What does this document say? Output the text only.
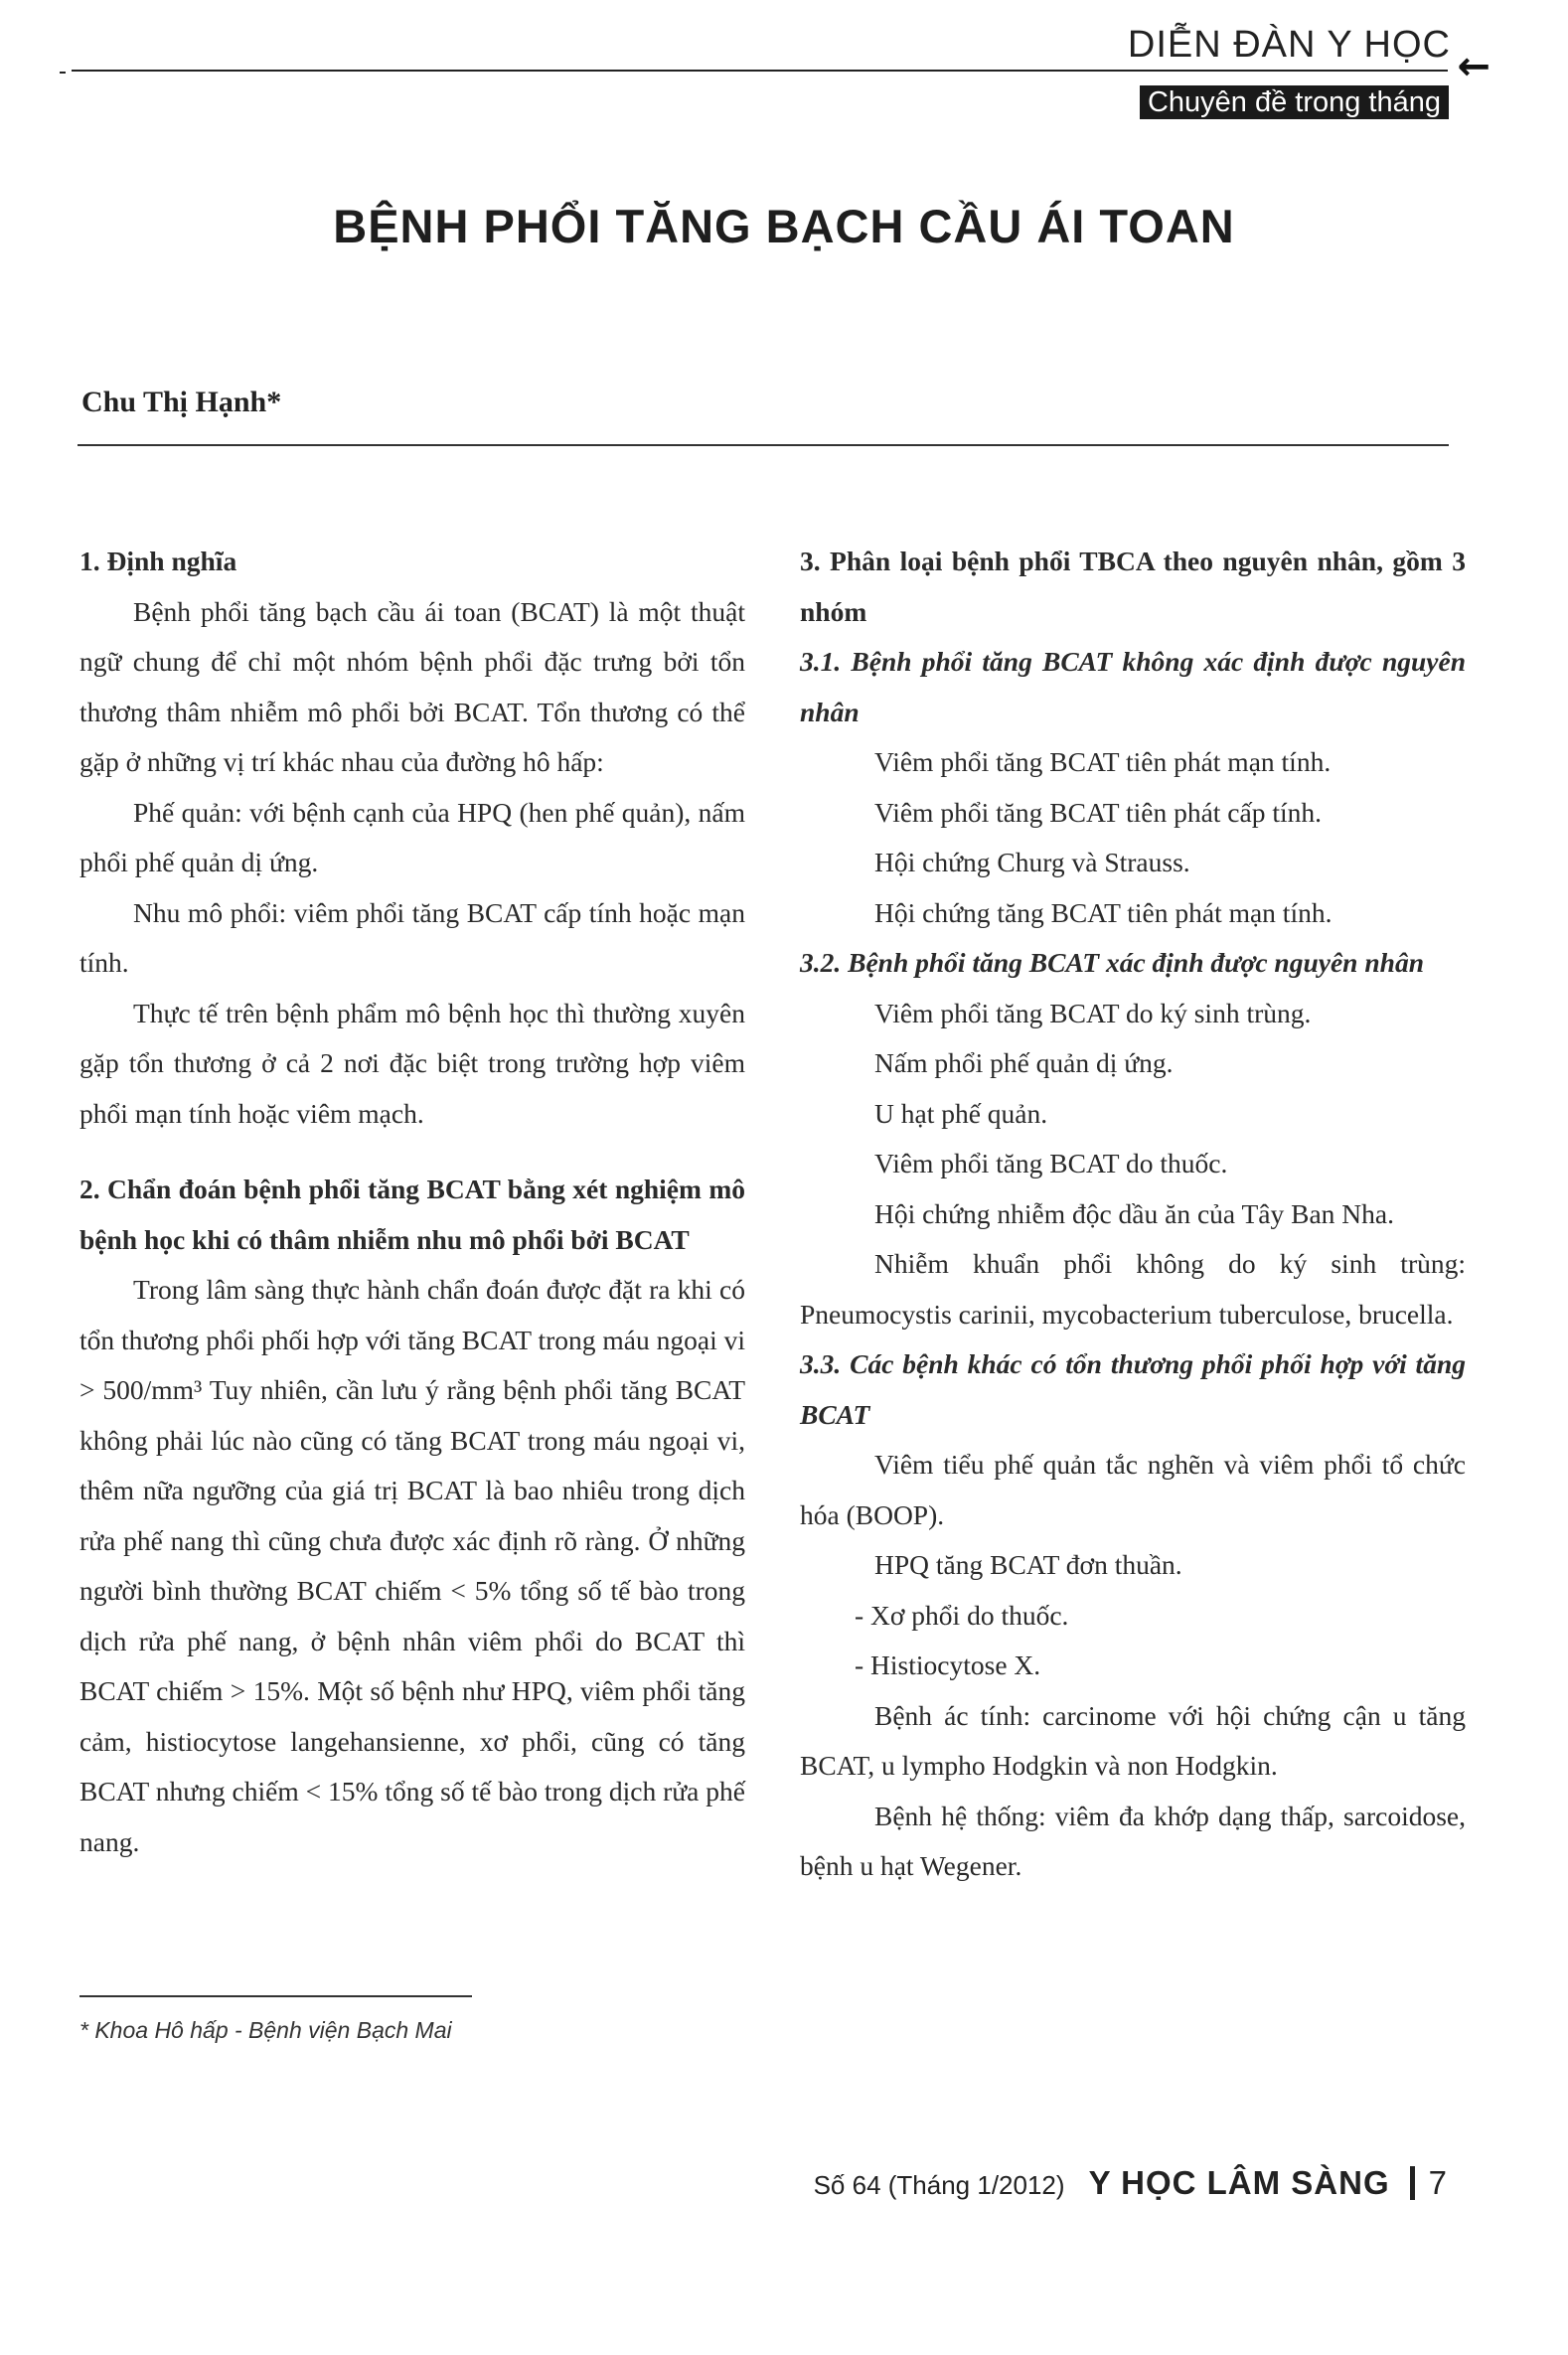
DIỄN ĐÀN Y HỌC ←
Chuyên đề trong tháng
BỆNH PHỔI TĂNG BẠCH CẦU ÁI TOAN
Chu Thị Hạnh*

1. Định nghĩa

Bệnh phổi tăng bạch cầu ái toan (BCAT) là một thuật ngữ chung để chỉ một nhóm bệnh phổi đặc trưng bởi tổn thương thâm nhiễm mô phổi bởi BCAT. Tổn thương có thể gặp ở những vị trí khác nhau của đường hô hấp:

Phế quản: với bệnh cạnh của HPQ (hen phế quản), nấm phổi phế quản dị ứng.

Nhu mô phổi: viêm phổi tăng BCAT cấp tính hoặc mạn tính.

Thực tế trên bệnh phẩm mô bệnh học thì thường xuyên gặp tổn thương ở cả 2 nơi đặc biệt trong trường hợp viêm phổi mạn tính hoặc viêm mạch.

2. Chẩn đoán bệnh phổi tăng BCAT bằng xét nghiệm mô bệnh học khi có thâm nhiễm nhu mô phổi bởi BCAT

Trong lâm sàng thực hành chẩn đoán được đặt ra khi có tổn thương phổi phối hợp với tăng BCAT trong máu ngoại vi > 500/mm³ Tuy nhiên, cần lưu ý rằng bệnh phổi tăng BCAT không phải lúc nào cũng có tăng BCAT trong máu ngoại vi, thêm nữa ngưỡng của giá trị BCAT là bao nhiêu trong dịch rửa phế nang thì cũng chưa được xác định rõ ràng. Ở những người bình thường BCAT chiếm < 5% tổng số tế bào trong dịch rửa phế nang, ở bệnh nhân viêm phổi do BCAT thì BCAT chiếm > 15%. Một số bệnh như HPQ, viêm phổi tăng cảm, histiocytose langehansienne, xơ phổi, cũng có tăng BCAT nhưng chiếm < 15% tổng số tế bào trong dịch rửa phế nang.

3. Phân loại bệnh phổi TBCA theo nguyên nhân, gồm 3 nhóm

3.1. Bệnh phổi tăng BCAT không xác định được nguyên nhân

Viêm phổi tăng BCAT tiên phát mạn tính.

Viêm phổi tăng BCAT tiên phát cấp tính.

Hội chứng Churg và Strauss.

Hội chứng tăng BCAT tiên phát mạn tính.

3.2. Bệnh phổi tăng BCAT xác định được nguyên nhân

Viêm phổi tăng BCAT do ký sinh trùng.

Nấm phổi phế quản dị ứng.

U hạt phế quản.

Viêm phổi tăng BCAT do thuốc.

Hội chứng nhiễm độc dầu ăn của Tây Ban Nha.

Nhiễm khuẩn phổi không do ký sinh trùng: Pneumocystis carinii, mycobacterium tuberculose, brucella.

3.3. Các bệnh khác có tổn thương phổi phối hợp với tăng BCAT

Viêm tiểu phế quản tắc nghẽn và viêm phổi tổ chức hóa (BOOP).

HPQ tăng BCAT đơn thuần.

- Xơ phổi do thuốc.

- Histiocytose X.

Bệnh ác tính: carcinome với hội chứng cận u tăng BCAT, u lympho Hodgkin và non Hodgkin.

Bệnh hệ thống: viêm đa khớp dạng thấp, sarcoidose, bệnh u hạt Wegener.

* Khoa Hô hấp - Bệnh viện Bạch Mai
Số 64 (Tháng 1/2012) Y HỌC LÂM SÀNG 7
